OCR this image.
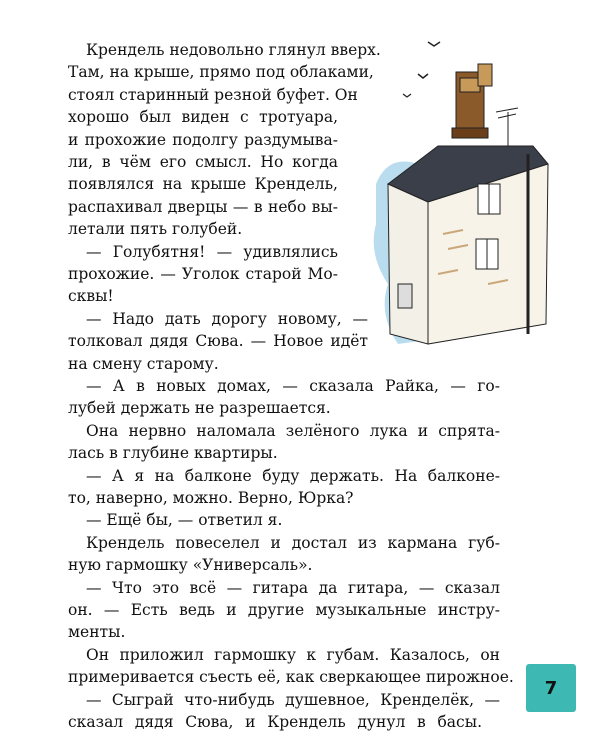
Крендель недовольно глянул вверх.
Там, на крыше, прямо под облаками,
стоял старинный резной буфет. Он
хорошо был виден с тротуара,
и прохожие подолгу раздумыва-
ли, в чём его смысл. Но когда
появлялся на крыше Крендель,
распахивал дверцы — в небо вы-
летали пять голубей.
— Голубятня! — удивлялись
прохожие. — Уголок старой Мо-
сквы!
— Надо дать дорогу новому, —
толковал дядя Сюва. — Новое идёт
на смену старому.
— А в новых домах, — сказала Райка, — го-
лубей держать не разрешается.
Она нервно наломала зелёного лука и спрята-
лась в глубине квартиры.
— А я на балконе буду держать. На балконе-
то, наверно, можно. Верно, Юрка?
— Ещё бы, — ответил я.
Крендель повеселел и достал из кармана губ-
ную гармошку «Универсаль».
— Что это всё — гитара да гитара, — сказал
он. — Есть ведь и другие музыкальные инстру-
менты.
7
Он приложил гармошку к губам. Казалось, он
примеривается съесть её, как сверкающее пирожное.
— Сыграй что-нибудь душевное, Кренделёк, —
сказал дядя Сюва, и Крендель дунул в басы.
